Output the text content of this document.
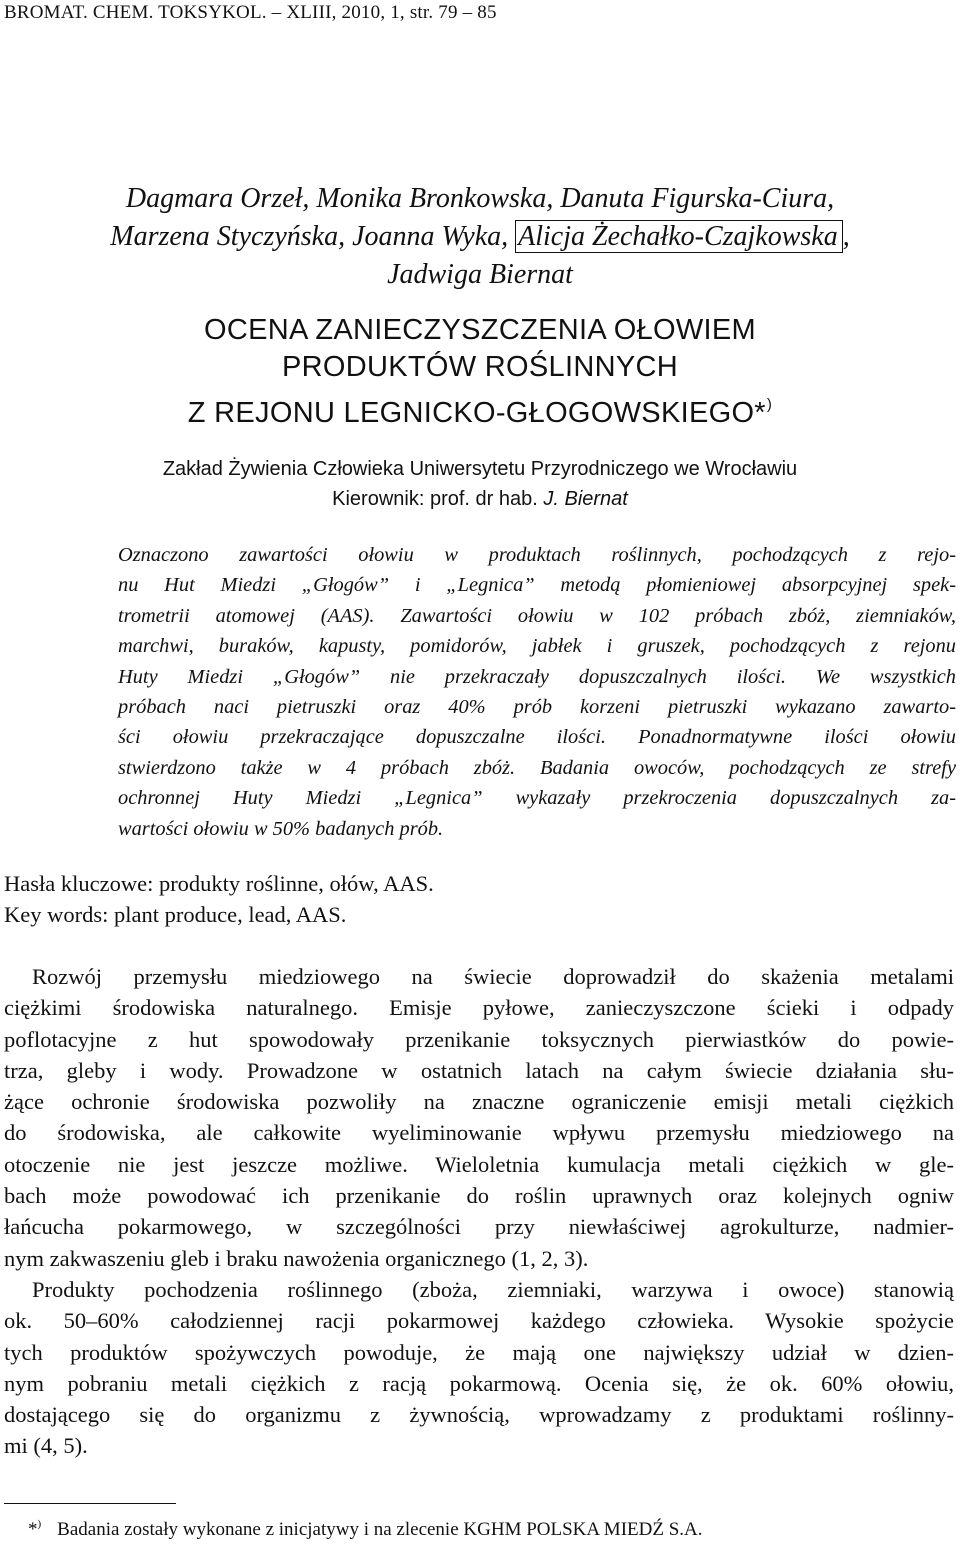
BROMAT. CHEM. TOKSYKOL. – XLIII, 2010, 1, str. 79 – 85
Dagmara Orzeł, Monika Bronkowska, Danuta Figurska-Ciura,
Marzena Styczyńska, Joanna Wyka, Alicja Żechałko-Czajkowska ,
Jadwiga Biernat
OCENA ZANIECZYSZCZENIA OŁOWIEM
PRODUKTÓW ROŚLINNYCH
Z REJONU LEGNICKO-GŁOGOWSKIEGO*)
Zakład Żywienia Człowieka Uniwersytetu Przyrodniczego we Wrocławiu
Kierownik: prof. dr hab. J. Biernat
Oznaczono zawartości ołowiu w produktach roślinnych, pochodzących z rejo-
nu Hut Miedzi „Głogów” i „Legnica” metodą płomieniowej absorpcyjnej spek-
trometrii atomowej (AAS). Zawartości ołowiu w 102 próbach zbóż, ziemniaków,
marchwi, buraków, kapusty, pomidorów, jabłek i gruszek, pochodzących z rejonu
Huty Miedzi „Głogów” nie przekraczały dopuszczalnych ilości. We wszystkich
próbach naci pietruszki oraz 40% prób korzeni pietruszki wykazano zawarto-
ści ołowiu przekraczające dopuszczalne ilości. Ponadnormatywne ilości ołowiu
stwierdzono także w 4 próbach zbóż. Badania owoców, pochodzących ze strefy
ochronnej Huty Miedzi „Legnica” wykazały przekroczenia dopuszczalnych za-
wartości ołowiu w 50% badanych prób.
Hasła kluczowe: produkty roślinne, ołów, AAS.
Key words: plant produce, lead, AAS.
Rozwój przemysłu miedziowego na świecie doprowadził do skażenia metalami
ciężkimi środowiska naturalnego. Emisje pyłowe, zanieczyszczone ścieki i odpady
poflotacyjne z hut spowodowały przenikanie toksycznych pierwiastków do powie-
trza, gleby i wody. Prowadzone w ostatnich latach na całym świecie działania słu-
żące ochronie środowiska pozwoliły na znaczne ograniczenie emisji metali ciężkich
do środowiska, ale całkowite wyeliminowanie wpływu przemysłu miedziowego na
otoczenie nie jest jeszcze możliwe. Wieloletnia kumulacja metali ciężkich w gle-
bach może powodować ich przenikanie do roślin uprawnych oraz kolejnych ogniw
łańcucha pokarmowego, w szczególności przy niewłaściwej agrokulturze, nadmier-
nym zakwaszeniu gleb i braku nawożenia organicznego (1, 2, 3).
Produkty pochodzenia roślinnego (zboża, ziemniaki, warzywa i owoce) stanowią
ok. 50–60% całodziennej racji pokarmowej każdego człowieka. Wysokie spożycie
tych produktów spożywczych powoduje, że mają one największy udział w dzien-
nym pobraniu metali ciężkich z racją pokarmową. Ocenia się, że ok. 60% ołowiu,
dostającego się do organizmu z żywnością, wprowadzamy z produktami roślinny-
mi (4, 5).
*) Badania zostały wykonane z inicjatywy i na zlecenie KGHM POLSKA MIEDŹ S.A.
